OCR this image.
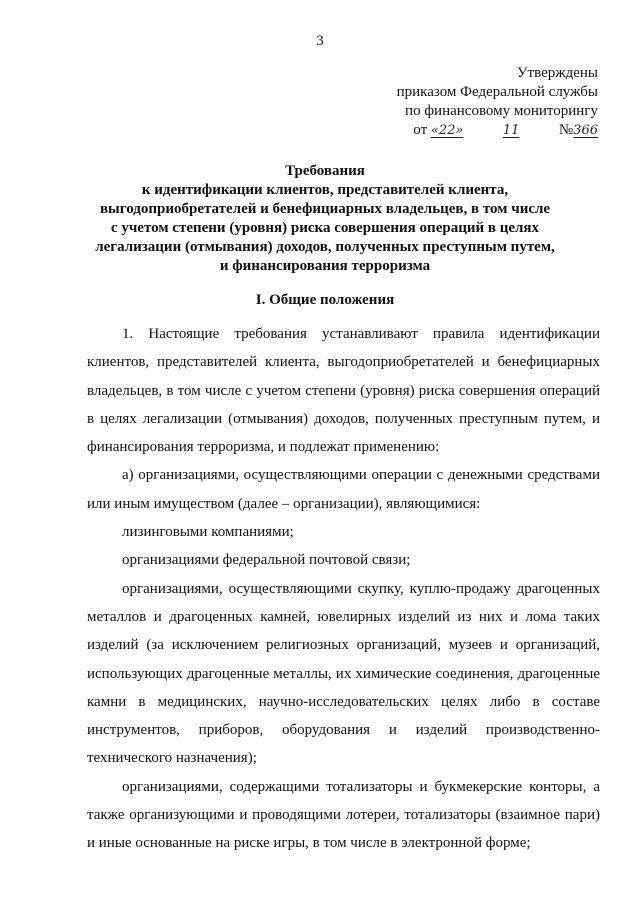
3
Утверждены
приказом Федеральной службы
по финансовому мониторингу
от «22»	11	№366
Требования
к идентификации клиентов, представителей клиента,
выгодоприобретателей и бенефициарных владельцев, в том числе
с учетом степени (уровня) риска совершения операций в целях
легализации (отмывания) доходов, полученных преступным путем,
и финансирования терроризма
I. Общие положения

1. Настоящие требования устанавливают правила идентификации клиентов, представителей клиента, выгодоприобретателей и бенефициарных владельцев, в том числе с учетом степени (уровня) риска совершения операций в целях легализации (отмывания) доходов, полученных преступным путем, и финансирования терроризма, и подлежат применению:

а) организациями, осуществляющими операции с денежными средствами или иным имуществом (далее – организации), являющимися:

лизинговыми компаниями;

организациями федеральной почтовой связи;

организациями, осуществляющими скупку, куплю-продажу драгоценных металлов и драгоценных камней, ювелирных изделий из них и лома таких изделий (за исключением религиозных организаций, музеев и организаций, использующих драгоценные металлы, их химические соединения, драгоценные камни в медицинских, научно-исследовательских целях либо в составе инструментов, приборов, оборудования и изделий производственно-технического назначения);

организациями, содержащими тотализаторы и букмекерские конторы, а также организующими и проводящими лотереи, тотализаторы (взаимное пари) и иные основанные на риске игры, в том числе в электронной форме;
